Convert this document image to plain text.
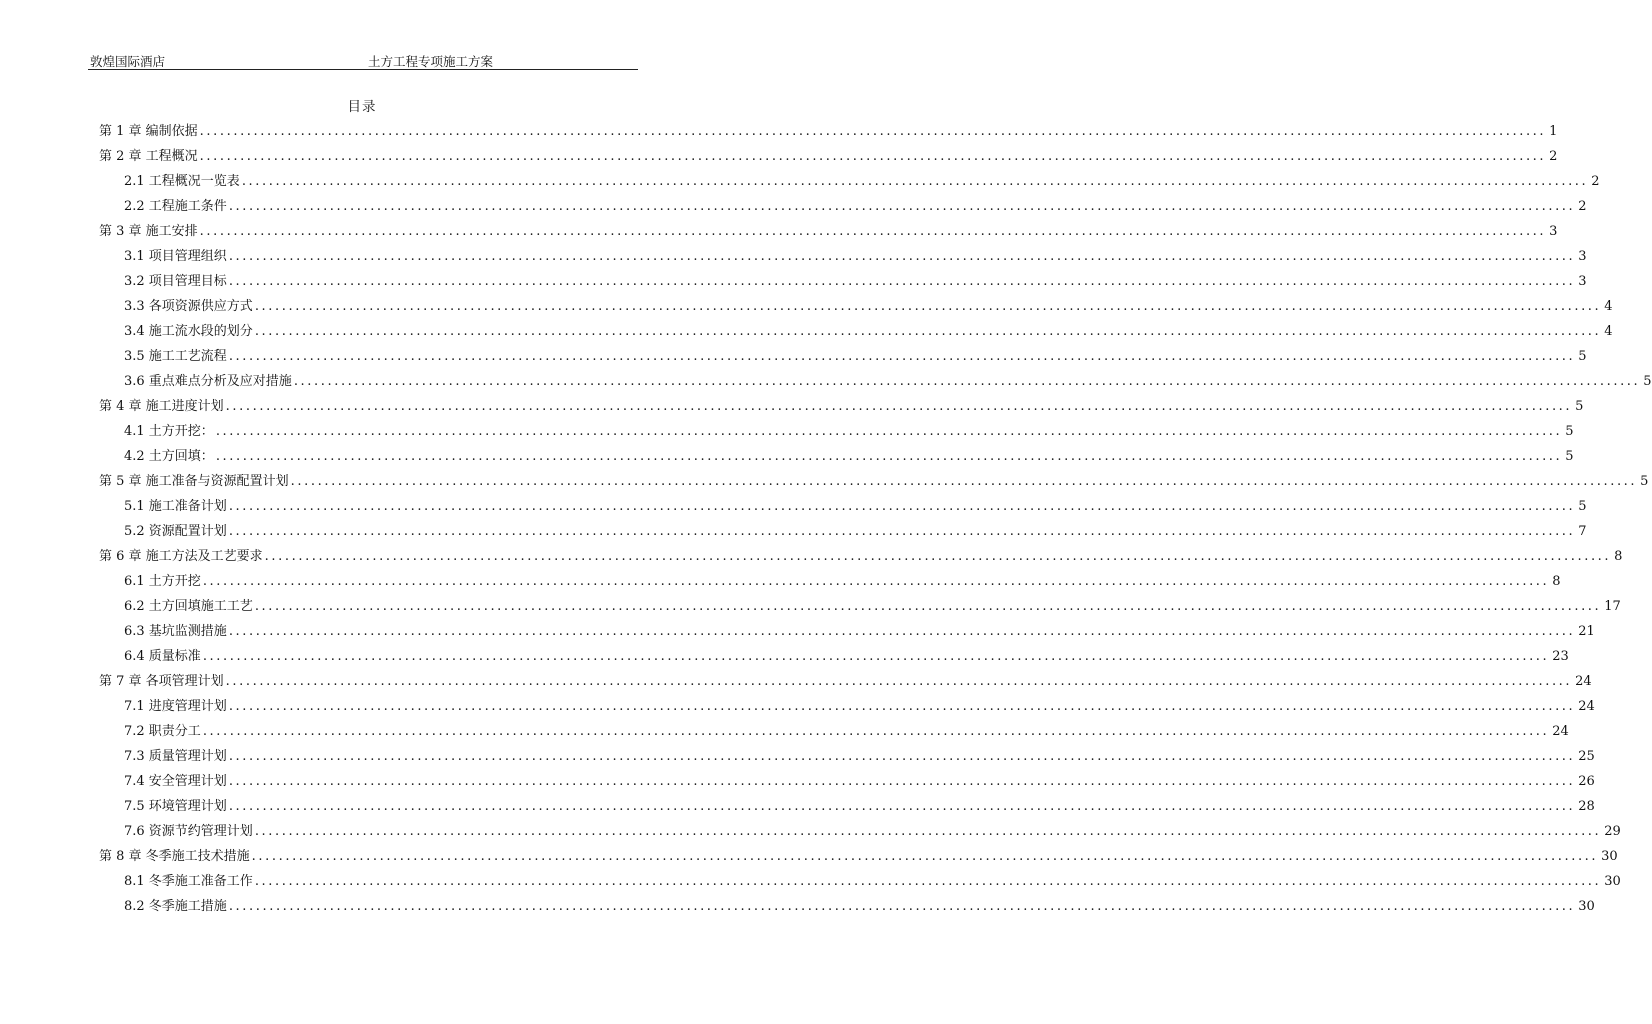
敦煌国际酒店	土方工程专项施工方案
目录
第 1 章 编制依据 ........................................................................................................................................................................................................ 1
第 2 章 工程概况 ........................................................................................................................................................................................................ 2
2.1 工程概况一览表 ........................................................................................................................................................................................................ 2
2.2 工程施工条件 ........................................................................................................................................................................................................ 2
第 3 章 施工安排 ........................................................................................................................................................................................................ 3
3.1 项目管理组织 ........................................................................................................................................................................................................ 3
3.2 项目管理目标 ........................................................................................................................................................................................................ 3
3.3 各项资源供应方式 ........................................................................................................................................................................................................ 4
3.4 施工流水段的划分 ........................................................................................................................................................................................................ 4
3.5 施工工艺流程 ........................................................................................................................................................................................................ 5
3.6 重点难点分析及应对措施 ........................................................................................................................................................................................................ 5
第 4 章 施工进度计划 ........................................................................................................................................................................................................ 5
4.1 土方开挖： ........................................................................................................................................................................................................ 5
4.2 土方回填： ........................................................................................................................................................................................................ 5
第 5 章 施工准备与资源配置计划 ........................................................................................................................................................................................................ 5
5.1 施工准备计划 ........................................................................................................................................................................................................ 5
5.2 资源配置计划 ........................................................................................................................................................................................................ 7
第 6 章 施工方法及工艺要求 ........................................................................................................................................................................................................ 8
6.1 土方开挖 ........................................................................................................................................................................................................ 8
6.2 土方回填施工工艺 ........................................................................................................................................................................................................ 17
6.3 基坑监测措施 ........................................................................................................................................................................................................ 21
6.4 质量标准 ........................................................................................................................................................................................................ 23
第 7 章 各项管理计划 ........................................................................................................................................................................................................ 24
7.1 进度管理计划 ........................................................................................................................................................................................................ 24
7.2 职责分工 ........................................................................................................................................................................................................ 24
7.3 质量管理计划 ........................................................................................................................................................................................................ 25
7.4 安全管理计划 ........................................................................................................................................................................................................ 26
7.5 环境管理计划 ........................................................................................................................................................................................................ 28
7.6 资源节约管理计划 ........................................................................................................................................................................................................ 29
第 8 章 冬季施工技术措施 ........................................................................................................................................................................................................ 30
8.1 冬季施工准备工作 ........................................................................................................................................................................................................ 30
8.2 冬季施工措施 ........................................................................................................................................................................................................ 30
